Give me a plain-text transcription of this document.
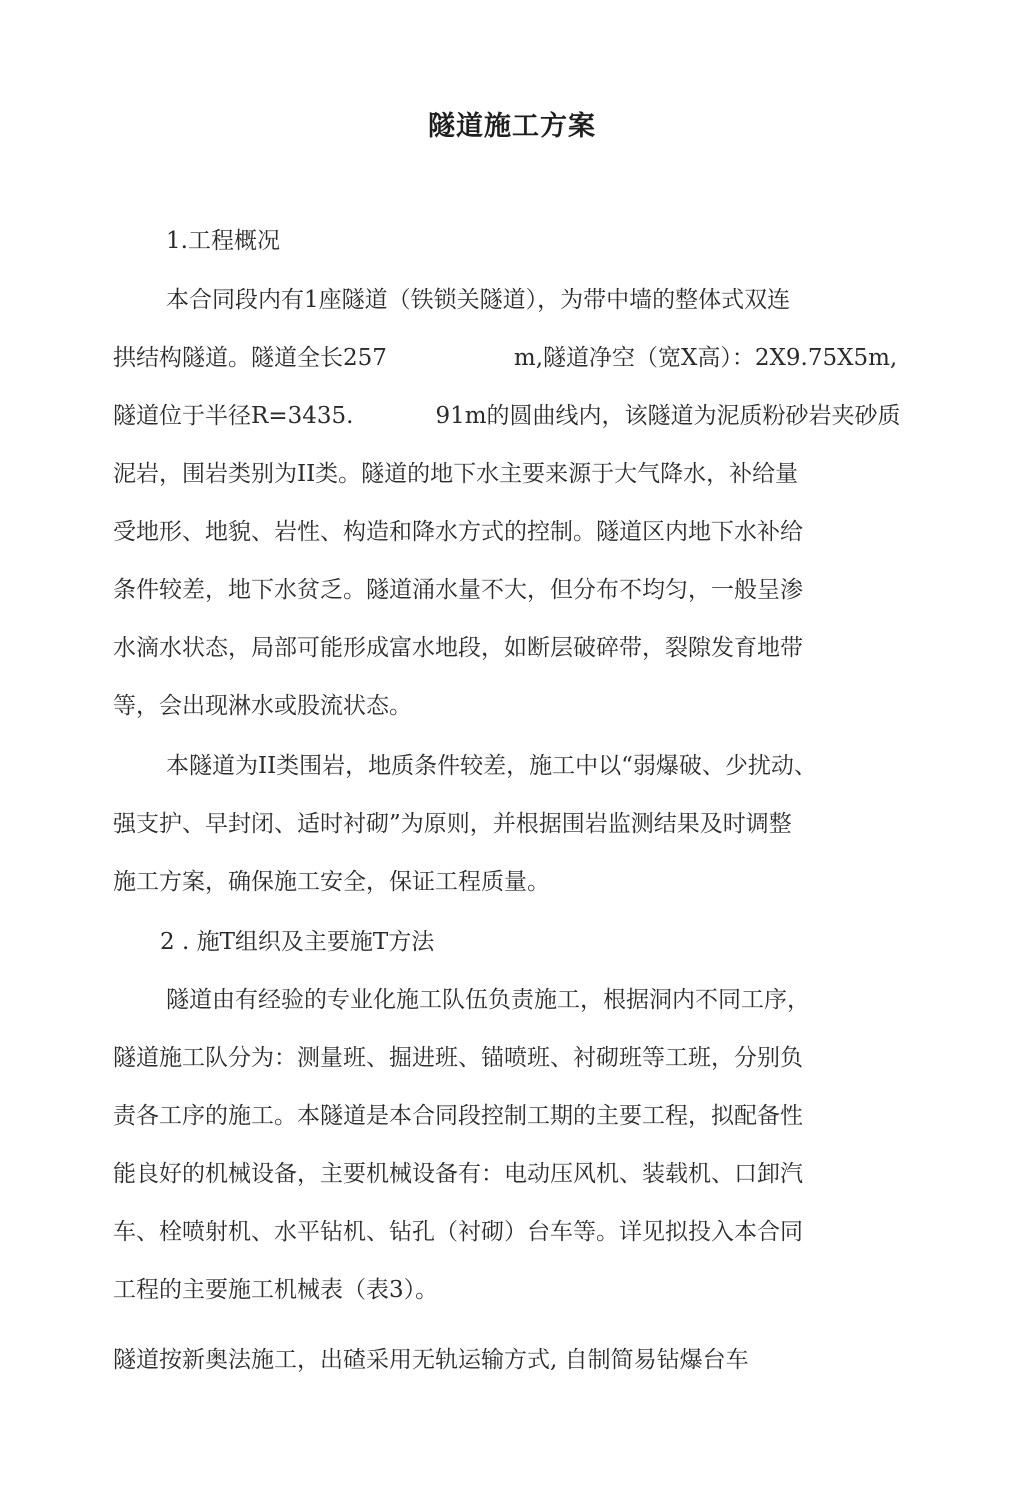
隧道施工方案
1.工程概况
本合同段内有1座隧道（铁锁关隧道），为带中墙的整体式双连
拱结构隧道。隧道全长257	m,隧道净空（宽X高）：2X9.75X5m,
隧道位于半径R=3435.	91m的圆曲线内，该隧道为泥质粉砂岩夹砂质
泥岩，围岩类别为II类。隧道的地下水主要来源于大气降水，补给量
受地形、地貌、岩性、构造和降水方式的控制。隧道区内地下水补给
条件较差，地下水贫乏。隧道涌水量不大，但分布不均匀，一般呈渗
水滴水状态，局部可能形成富水地段，如断层破碎带，裂隙发育地带
等，会出现淋水或股流状态。
本隧道为II类围岩，地质条件较差，施工中以“弱爆破、少扰动、
强支护、早封闭、适时衬砌”为原则，并根据围岩监测结果及时调整
施工方案，确保施工安全，保证工程质量。
2 . 施T组织及主要施T方法
隧道由有经验的专业化施工队伍负责施工，根据洞内不同工序，
隧道施工队分为：测量班、掘进班、锚喷班、衬砌班等工班，分别负
责各工序的施工。本隧道是本合同段控制工期的主要工程，拟配备性
能良好的机械设备，主要机械设备有：电动压风机、装载机、口卸汽
车、栓喷射机、水平钻机、钻孔（衬砌）台车等。详见拟投入本合同
工程的主要施工机械表（表3）。
隧道按新奥法施工，出碴采用无轨运输方式, 自制简易钻爆台车
